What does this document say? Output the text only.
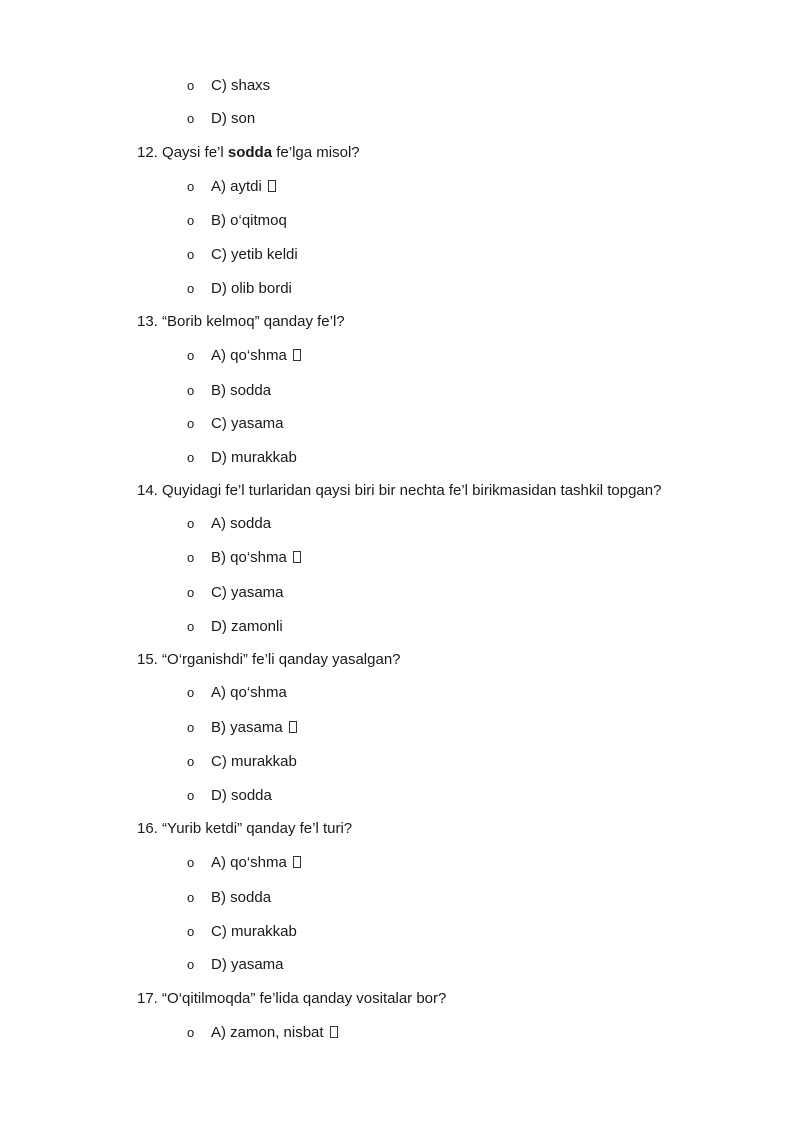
o C) shaxs
o D) son
12. Qaysi fe’l sodda fe’lga misol?
o A) aytdi
o B) o‘qitmoq
o C) yetib keldi
o D) olib bordi
13. “Borib kelmoq” qanday fe’l?
o A) qo‘shma
o B) sodda
o C) yasama
o D) murakkab
14. Quyidagi fe’l turlaridan qaysi biri bir nechta fe’l birikmasidan tashkil topgan?
o A) sodda
o B) qo‘shma
o C) yasama
o D) zamonli
15. “O‘rganishdi” fe’li qanday yasalgan?
o A) qo‘shma
o B) yasama
o C) murakkab
o D) sodda
16. “Yurib ketdi” qanday fe’l turi?
o A) qo‘shma
o B) sodda
o C) murakkab
o D) yasama
17. “O‘qitilmoqda” fe’lida qanday vositalar bor?
o A) zamon, nisbat
